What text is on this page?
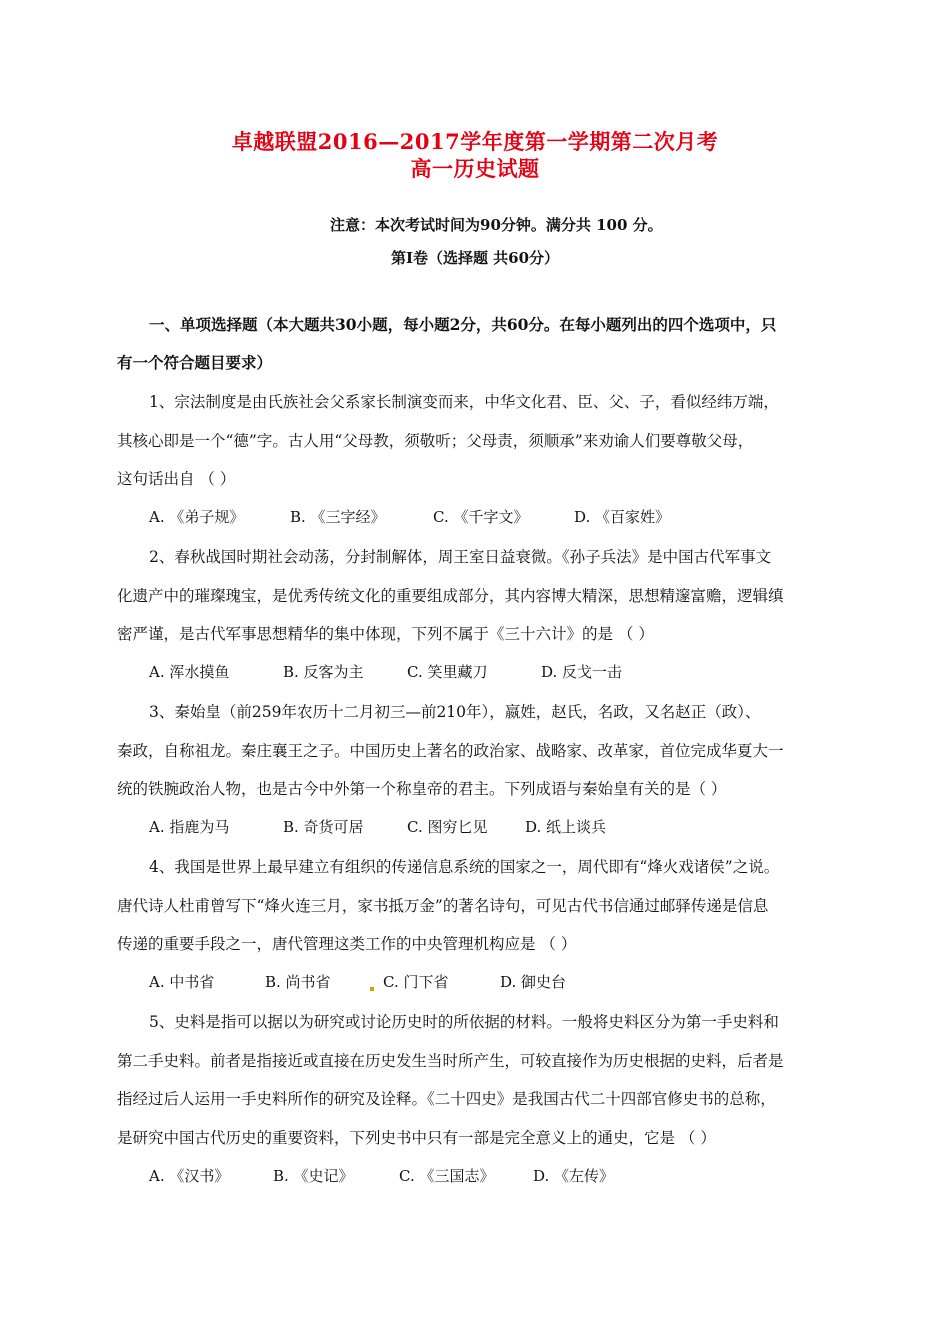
卓越联盟2016—2017学年度第一学期第二次月考
高一历史试题
注意：本次考试时间为90分钟。满分共 100 分。
第Ⅰ卷（选择题 共60分）
一、单项选择题（本大题共30小题，每小题2分，共60分。在每小题列出的四个选项中，只
有一个符合题目要求）
1、宗法制度是由氏族社会父系家长制演变而来，中华文化君、臣、父、子，看似经纬万端，
其核心即是一个“德”字。古人用“父母教，须敬听；父母责，须顺承”来劝谕人们要尊敬父母，
这句话出自 （ ）
A. 《弟子规》	B. 《三字经》	C. 《千字文》	D. 《百家姓》
2、春秋战国时期社会动荡，分封制解体，周王室日益衰微。《孙子兵法》是中国古代军事文
化遗产中的璀璨瑰宝，是优秀传统文化的重要组成部分，其内容博大精深，思想精邃富赡，逻辑缜
密严谨，是古代军事思想精华的集中体现，下列不属于《三十六计》的是 （ ）
A. 浑水摸鱼	B. 反客为主	C. 笑里藏刀	D. 反戈一击
3、秦始皇（前259年农历十二月初三—前210年），嬴姓，赵氏，名政，又名赵正（政）、
秦政，自称祖龙。秦庄襄王之子。中国历史上著名的政治家、战略家、改革家，首位完成华夏大一
统的铁腕政治人物，也是古今中外第一个称皇帝的君主。下列成语与秦始皇有关的是（ ）
A. 指鹿为马	B. 奇货可居	C. 图穷匕见	D. 纸上谈兵
4、我国是世界上最早建立有组织的传递信息系统的国家之一，周代即有“烽火戏诸侯”之说。
唐代诗人杜甫曾写下“烽火连三月，家书抵万金”的著名诗句，可见古代书信通过邮驿传递是信息
传递的重要手段之一，唐代管理这类工作的中央管理机构应是 （ ）
A. 中书省	B. 尚书省	C. 门下省	D. 御史台
5、史料是指可以据以为研究或讨论历史时的所依据的材料。一般将史料区分为第一手史料和
第二手史料。前者是指接近或直接在历史发生当时所产生，可较直接作为历史根据的史料，后者是
指经过后人运用一手史料所作的研究及诠释。《二十四史》是我国古代二十四部官修史书的总称，
是研究中国古代历史的重要资料，下列史书中只有一部是完全意义上的通史，它是 （ ）
A. 《汉书》	B. 《史记》	C. 《三国志》	D. 《左传》
